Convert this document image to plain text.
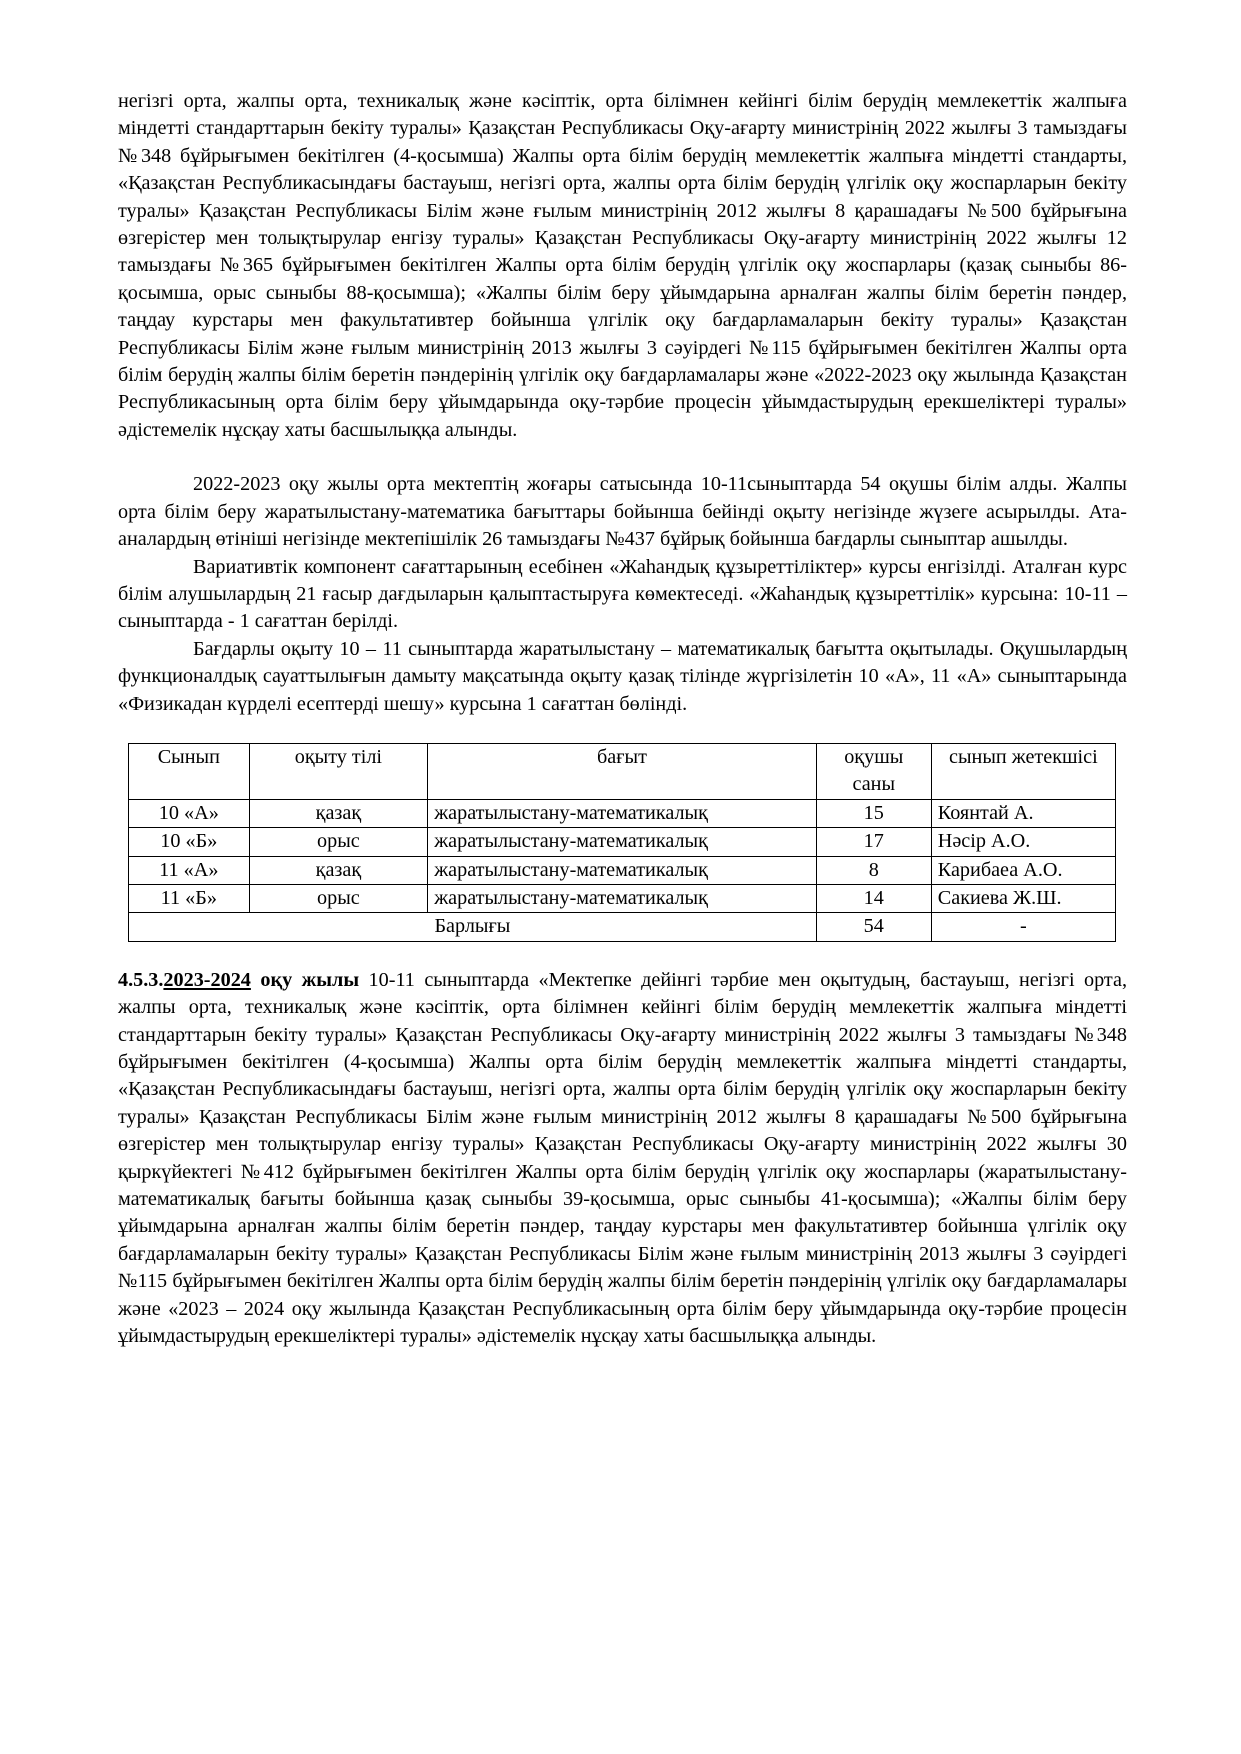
негізгі орта, жалпы орта, техникалық және кәсіптік, орта білімнен кейінгі білім берудің мемлекеттік жалпыға міндетті стандарттарын бекіту туралы» Қазақстан Республикасы Оқу-ағарту министрінің 2022 жылғы 3 тамыздағы №348 бұйрығымен бекітілген (4-қосымша) Жалпы орта білім берудің мемлекеттік жалпыға міндетті стандарты, «Қазақстан Республикасындағы бастауыш, негізгі орта, жалпы орта білім берудің үлгілік оқу жоспарларын бекіту туралы» Қазақстан Республикасы Білім және ғылым министрінің 2012 жылғы 8 қарашадағы №500 бұйрығына өзгерістер мен толықтырулар енгізу туралы» Қазақстан Республикасы Оқу-ағарту министрінің 2022 жылғы 12 тамыздағы №365 бұйрығымен бекітілген Жалпы орта білім берудің үлгілік оқу жоспарлары (қазақ сыныбы 86-қосымша, орыс сыныбы 88-қосымша); «Жалпы білім беру ұйымдарына арналған жалпы білім беретін пәндер, таңдау курстары мен факультативтер бойынша үлгілік оқу бағдарламаларын бекіту туралы» Қазақстан Республикасы Білім және ғылым министрінің 2013 жылғы 3 сәуірдегі №115 бұйрығымен бекітілген Жалпы орта білім берудің жалпы білім беретін пәндерінің үлгілік оқу бағдарламалары және «2022-2023 оқу жылында Қазақстан Республикасының орта білім беру ұйымдарында оқу-тәрбие процесін ұйымдастырудың ерекшеліктері туралы» әдістемелік нұсқау хаты басшылыққа алынды.

2022-2023 оқу жылы орта мектептің жоғары сатысында 10-11сыныптарда 54 оқушы білім алды. Жалпы орта білім беру жаратылыстану-математика бағыттары бойынша бейінді оқыту негізінде жүзеге асырылды. Ата-аналардың өтініші негізінде мектепішілік 26 тамыздағы №437 бұйрық бойынша бағдарлы сыныптар ашылды.

Вариативтік компонент сағаттарының есебінен «Жаһандық құзыреттіліктер» курсы енгізілді. Аталған курс білім алушылардың 21 ғасыр дағдыларын қалыптастыруға көмектеседі. «Жаһандық құзыреттілік» курсына: 10-11 – сыныптарда - 1 сағаттан берілді.

Бағдарлы оқыту 10 – 11 сыныптарда жаратылыстану – математикалық бағытта оқытылады. Оқушылардың функционалдық сауаттылығын дамыту мақсатында оқыту қазақ тілінде жүргізілетін 10 «А», 11 «А» сыныптарында «Физикадан күрделі есептерді шешу» курсына 1 сағаттан бөлінді.

Сынып	оқыту тілі	бағыт	оқушы саны	сынып жетекшісі
10 «А»	қазақ	жаратылыстану-математикалық	15	Коянтай А.
10 «Б»	орыс	жаратылыстану-математикалық	17	Нәсір А.О.
11 «А»	қазақ	жаратылыстану-математикалық	8	Карибаеа А.О.
11 «Б»	орыс	жаратылыстану-математикалық	14	Сакиева Ж.Ш.
Барлығы			54	-

4.5.3.2023-2024 оқу жылы 10-11 сыныптарда «Мектепке дейінгі тәрбие мен оқытудың, бастауыш, негізгі орта, жалпы орта, техникалық және кәсіптік, орта білімнен кейінгі білім берудің мемлекеттік жалпыға міндетті стандарттарын бекіту туралы» Қазақстан Республикасы Оқу-ағарту министрінің 2022 жылғы 3 тамыздағы №348 бұйрығымен бекітілген (4-қосымша) Жалпы орта білім берудің мемлекеттік жалпыға міндетті стандарты, «Қазақстан Республикасындағы бастауыш, негізгі орта, жалпы орта білім берудің үлгілік оқу жоспарларын бекіту туралы» Қазақстан Республикасы Білім және ғылым министрінің 2012 жылғы 8 қарашадағы №500 бұйрығына өзгерістер мен толықтырулар енгізу туралы» Қазақстан Республикасы Оқу-ағарту министрінің 2022 жылғы 30 қыркүйектегі №412 бұйрығымен бекітілген Жалпы орта білім берудің үлгілік оқу жоспарлары (жаратылыстану-математикалық бағыты бойынша қазақ сыныбы 39-қосымша, орыс сыныбы 41-қосымша); «Жалпы білім беру ұйымдарына арналған жалпы білім беретін пәндер, таңдау курстары мен факультативтер бойынша үлгілік оқу бағдарламаларын бекіту туралы» Қазақстан Республикасы Білім және ғылым министрінің 2013 жылғы 3 сәуірдегі №115 бұйрығымен бекітілген Жалпы орта білім берудің жалпы білім беретін пәндерінің үлгілік оқу бағдарламалары және «2023 – 2024 оқу жылында Қазақстан Республикасының орта білім беру ұйымдарында оқу-тәрбие процесін ұйымдастырудың ерекшеліктері туралы» әдістемелік нұсқау хаты басшылыққа алынды.
